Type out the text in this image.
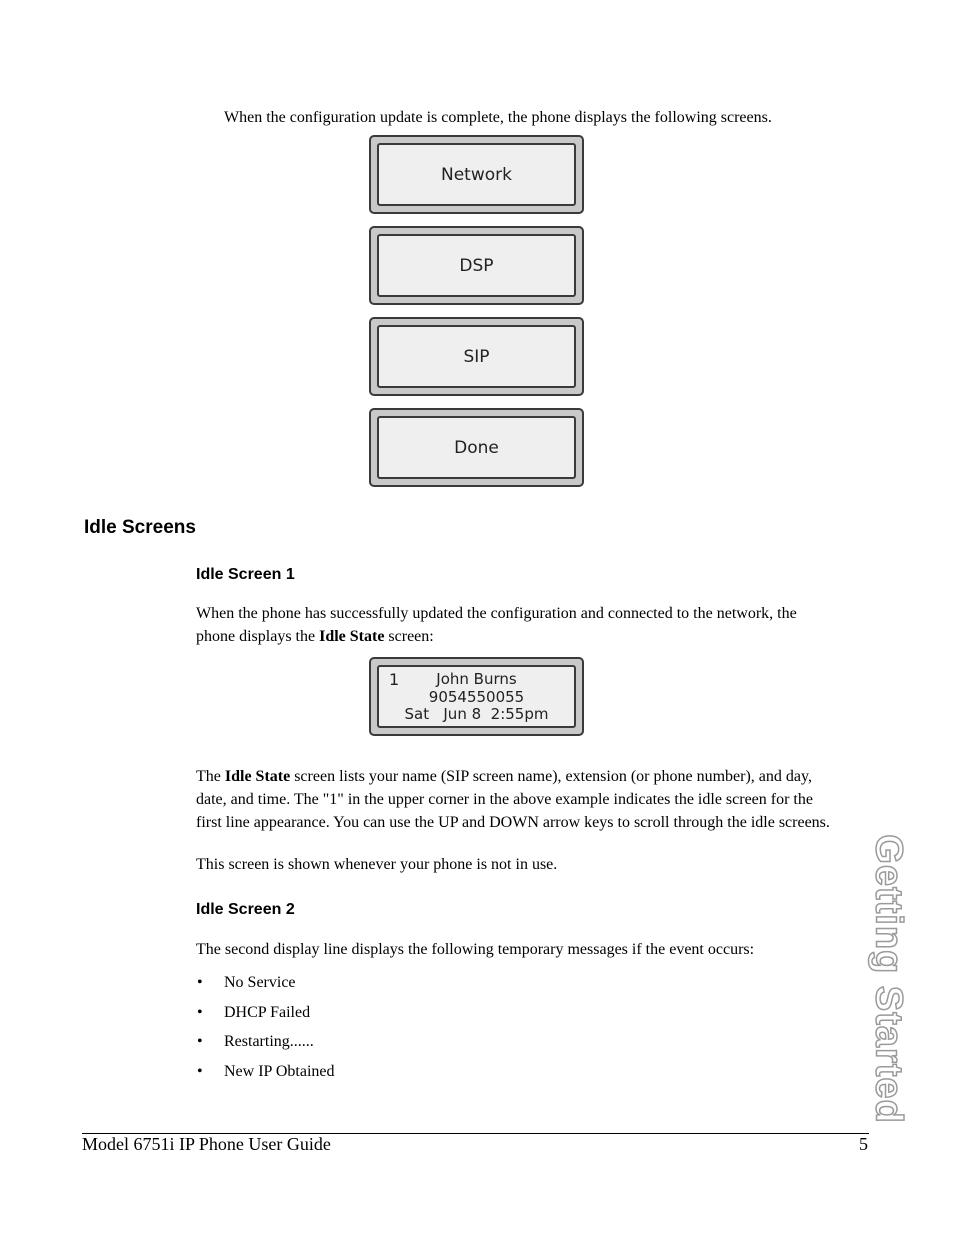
When the configuration update is complete, the phone displays the following screens.
Network
DSP
SIP
Done
Idle Screens
Idle Screen 1
When the phone has successfully updated the configuration and connected to the network, the
phone displays the Idle State screen:
1	John Burns
9054550055
Sat   Jun 8  2:55pm
The Idle State screen lists your name (SIP screen name), extension (or phone number), and day,
date, and time. The "1" in the upper corner in the above example indicates the idle screen for the
first line appearance. You can use the UP and DOWN arrow keys to scroll through the idle screens.
This screen is shown whenever your phone is not in use.
Idle Screen 2
The second display line displays the following temporary messages if the event occurs:
• No Service
• DHCP Failed
• Restarting......
• New IP Obtained	Getting Started
Model 6751i IP Phone User Guide	5
